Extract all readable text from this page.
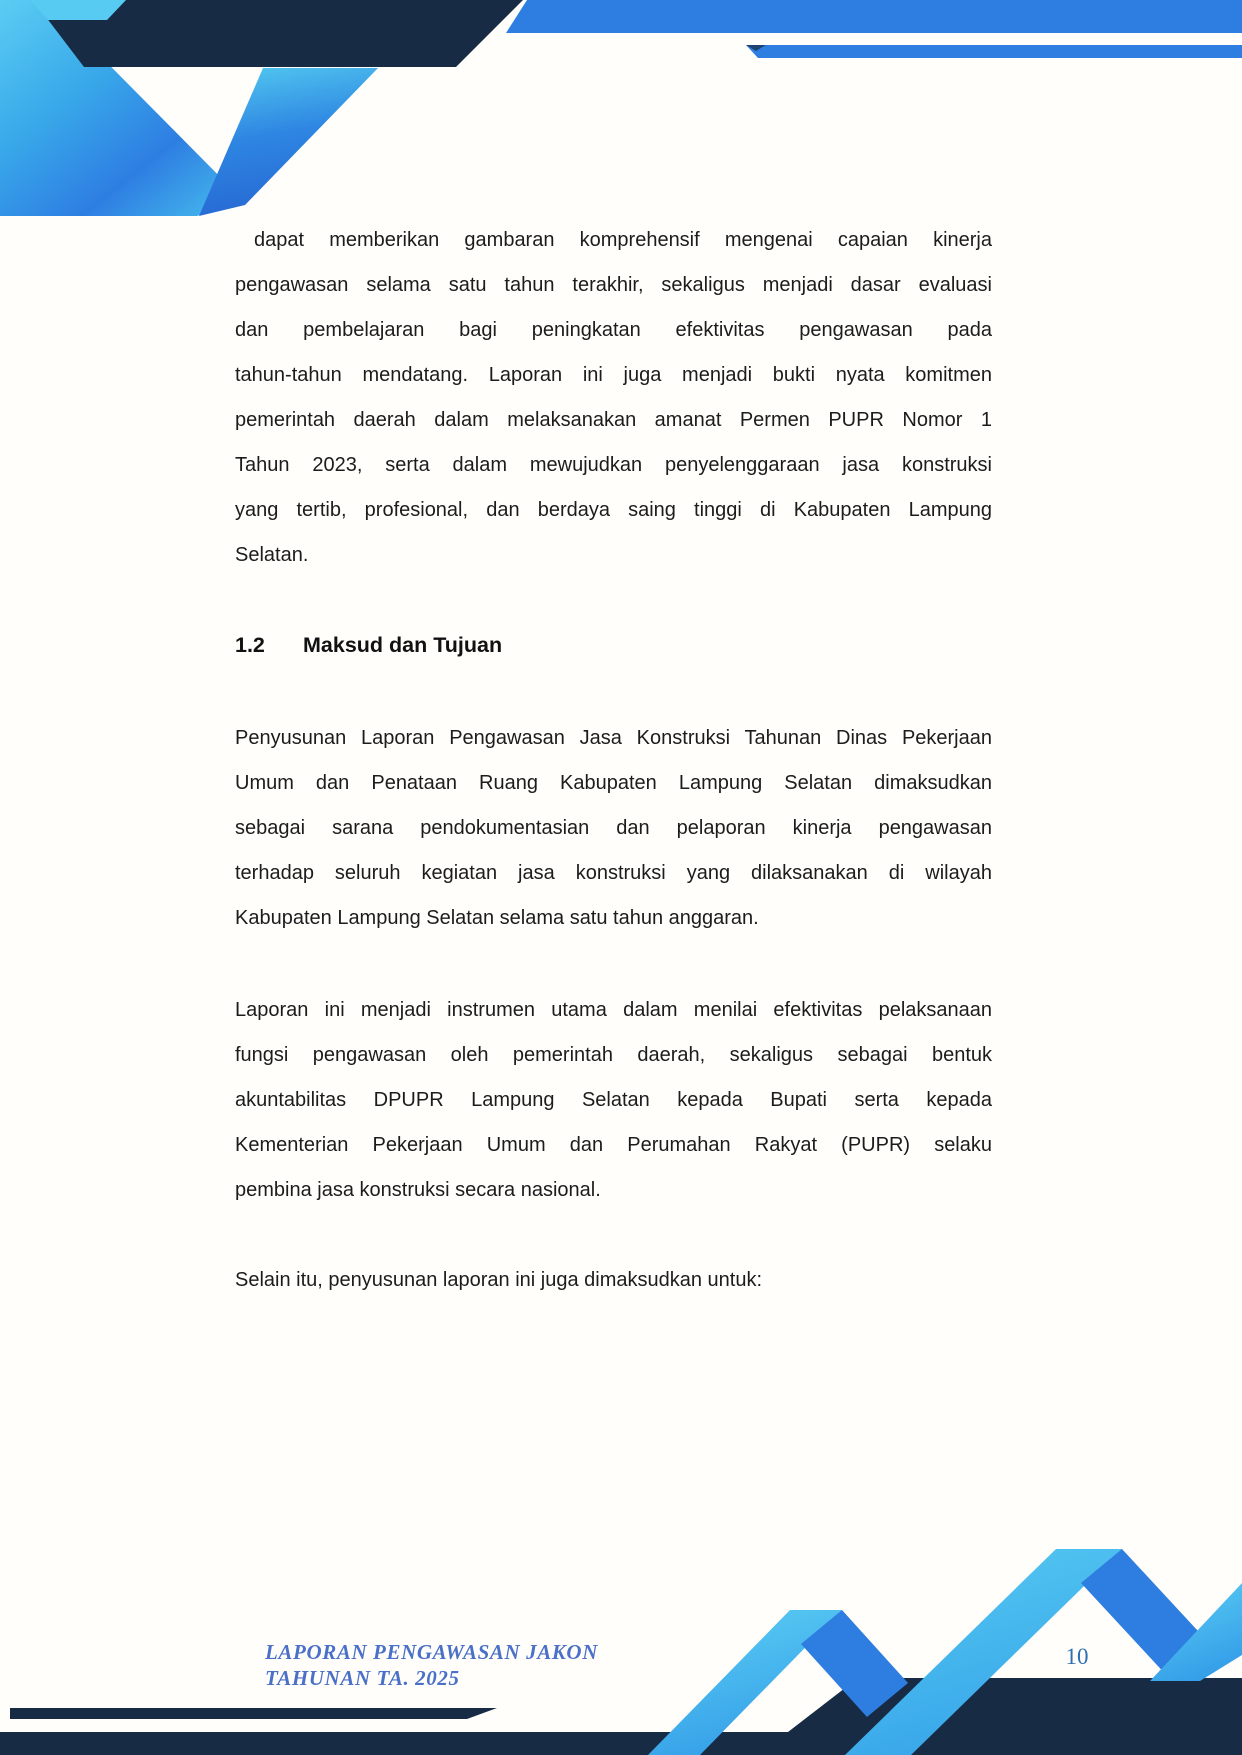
dapat memberikan gambaran komprehensif mengenai capaian kinerja
pengawasan selama satu tahun terakhir, sekaligus menjadi dasar evaluasi
dan pembelajaran bagi peningkatan efektivitas pengawasan pada
tahun-tahun mendatang. Laporan ini juga menjadi bukti nyata komitmen
pemerintah daerah dalam melaksanakan amanat Permen PUPR Nomor 1
Tahun 2023, serta dalam mewujudkan penyelenggaraan jasa konstruksi
yang tertib, profesional, dan berdaya saing tinggi di Kabupaten Lampung
Selatan.
1.2	Maksud dan Tujuan
Penyusunan Laporan Pengawasan Jasa Konstruksi Tahunan Dinas Pekerjaan
Umum dan Penataan Ruang Kabupaten Lampung Selatan dimaksudkan
sebagai sarana pendokumentasian dan pelaporan kinerja pengawasan
terhadap seluruh kegiatan jasa konstruksi yang dilaksanakan di wilayah
Kabupaten Lampung Selatan selama satu tahun anggaran.
Laporan ini menjadi instrumen utama dalam menilai efektivitas pelaksanaan
fungsi pengawasan oleh pemerintah daerah, sekaligus sebagai bentuk
akuntabilitas DPUPR Lampung Selatan kepada Bupati serta kepada
Kementerian Pekerjaan Umum dan Perumahan Rakyat (PUPR) selaku
pembina jasa konstruksi secara nasional.
Selain itu, penyusunan laporan ini juga dimaksudkan untuk:
LAPORAN PENGAWASAN JAKON
TAHUNAN TA. 2025
10
